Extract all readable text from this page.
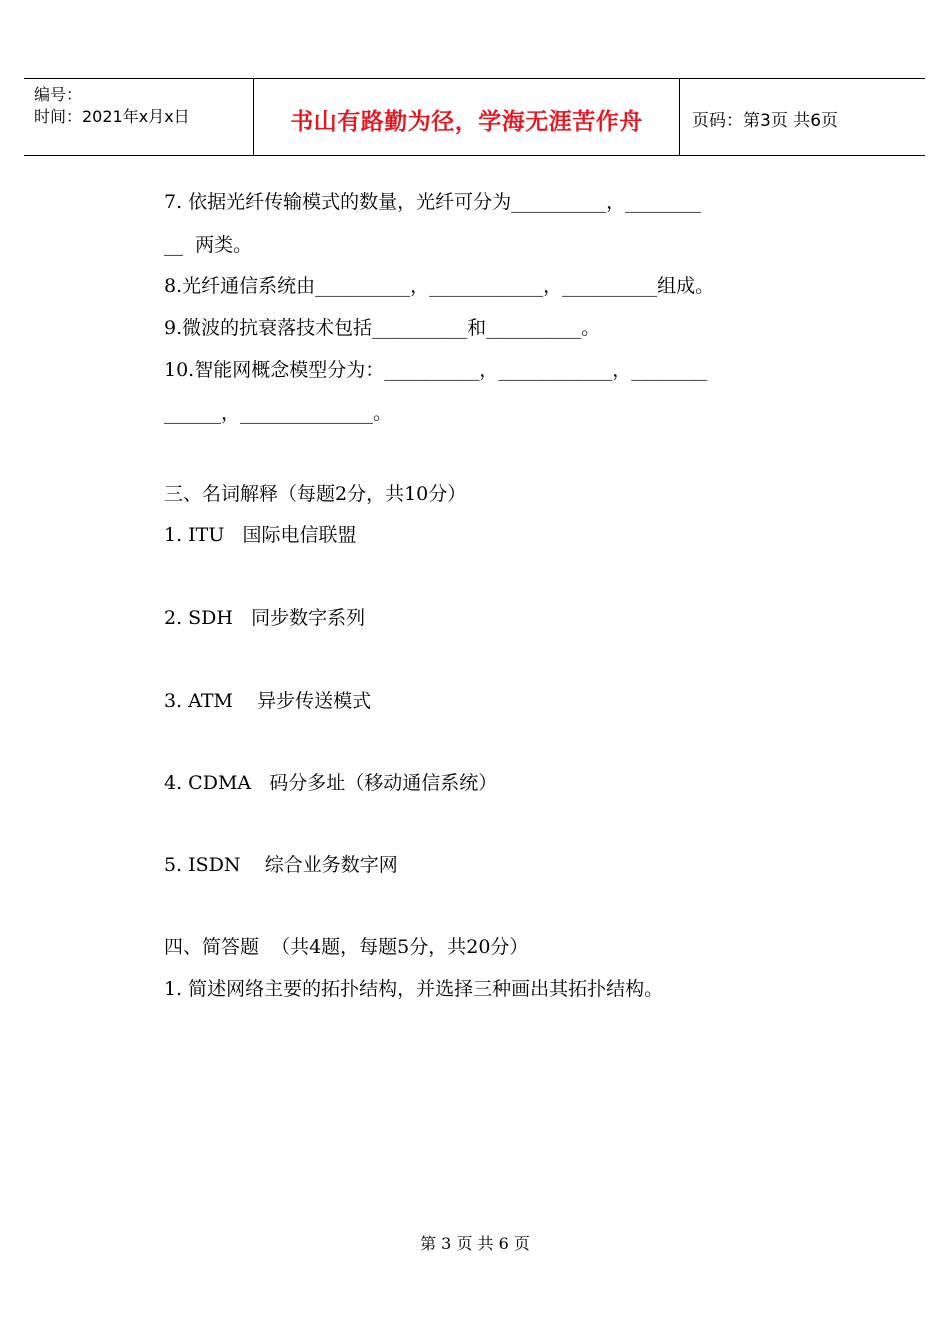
编号：
时间：2021年x月x日	书山有路勤为径，学海无涯苦作舟	页码：第3页 共6页
7. 依据光纤传输模式的数量，光纤可分为__________，________
__  两类。
8.光纤通信系统由__________，____________，__________组成。
9.微波的抗衰落技术包括__________和__________。
10.智能网概念模型分为：__________，____________，________
______，______________。
三、名词解释（每题2分，共10分）
1. ITU   国际电信联盟
2. SDH   同步数字系列
3. ATM    异步传送模式
4. CDMA   码分多址（移动通信系统）
5. ISDN    综合业务数字网
四、简答题  （共4题，每题5分，共20分）
1. 简述网络主要的拓扑结构，并选择三种画出其拓扑结构。
第 3 页 共 6 页
